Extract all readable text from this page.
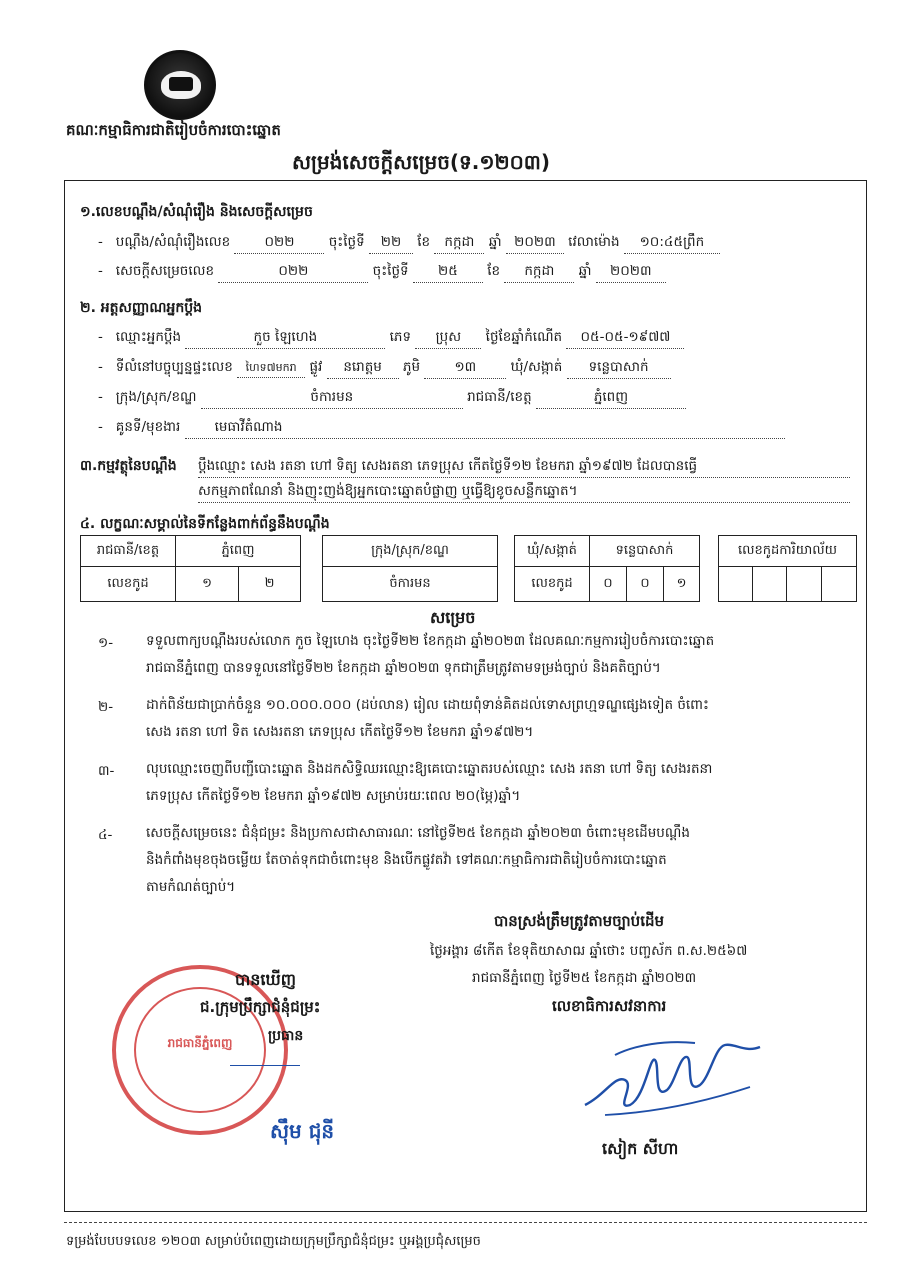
គណៈកម្មាធិការជាតិរៀបចំការបោះឆ្នោត
សម្រង់សេចក្តីសម្រេច(ទ.១២០៣)
១.លេខបណ្តឹង/សំណុំរឿង និងសេចក្តីសម្រេច
-   បណ្តឹង/សំណុំរឿងលេខ	០២២	ចុះថ្ងៃទី ២២ ខែ កក្កដា ឆ្នាំ ២០២៣ វេលាម៉ោង ១០:៤៥ព្រឹក
-   សេចក្តីសម្រេចលេខ	០២២	ចុះថ្ងៃទី ២៥ ខែ កក្កដា ឆ្នាំ ២០២៣
២. អត្តសញ្ញាណអ្នកប្តឹង
-   ឈ្មោះអ្នកប្តឹង	កួច ឡៃហេង	ភេទ ប្រុស ថ្ងៃខែឆ្នាំកំណើត ០៥-០៥-១៩៧៧
-   ទីលំនៅបច្ចុប្បន្នផ្ទះលេខ ហៃទ៧មករា ផ្លូវ នរោត្តម ភូមិ	១៣	ឃុំ/សង្កាត់ ទន្លេបាសាក់
-   ក្រុង/ស្រុក/ខណ្ឌ	ចំការមន	រាជធានី/ខេត្ត	ភ្នំពេញ
-   គូនទី/មុខងារ	មេធាវីតំណាង
៣.កម្មវត្ថុនៃបណ្តឹង ប្តឹងឈ្មោះ សេង រតនា ហៅ ទិត្យ សេងរតនា ភេទប្រុស កើតថ្ងៃទី១២ ខែមករា ឆ្នាំ១៩៧២ ដែលបានធ្វើ
សកម្មភាពណែនាំ និងញុះញង់ឱ្យអ្នកបោះឆ្នោតបំផ្លាញ ឬធ្វើឱ្យខូចសន្លឹកឆ្នោត។
៤. លក្ខណៈសម្គាល់នៃទីកន្លែងពាក់ព័ន្ធនឹងបណ្តឹង
រាជធានី/ខេត្ត	ភ្នំពេញ
លេខកូដ	១	២
ក្រុង/ស្រុក/ខណ្ឌ
ចំការមន
ឃុំ/សង្កាត់	ទន្លេបាសាក់
លេខកូដ	០	០	១
លេខកូដការិយាល័យ
សម្រេច
១- ទទួលពាក្យបណ្តឹងរបស់លោក កួច ឡៃហេង ចុះថ្ងៃទី២២ ខែកក្កដា ឆ្នាំ២០២៣ ដែលគណៈកម្មការរៀបចំការបោះឆ្នោត
រាជធានីភ្នំពេញ បានទទួលនៅថ្ងៃទី២២ ខែកក្កដា ឆ្នាំ២០២៣ ទុកជាត្រឹមត្រូវតាមទម្រង់ច្បាប់ និងគតិច្បាប់។
២- ដាក់ពិន័យជាប្រាក់ចំនួន ១០.០០០.០០០ (ដប់លាន) រៀល ដោយពុំទាន់គិតដល់ទោសព្រហ្មទណ្ឌផ្សេងទៀត ចំពោះ
សេង រតនា ហៅ ទិត សេងរតនា ភេទប្រុស កើតថ្ងៃទី១២ ខែមករា ឆ្នាំ១៩៧២។
៣- លុបឈ្មោះចេញពីបញ្ជីបោះឆ្នោត និងដកសិទ្ធិឈរឈ្មោះឱ្យគេបោះឆ្នោតរបស់ឈ្មោះ សេង រតនា ហៅ ទិត្យ សេងរតនា
ភេទប្រុស កើតថ្ងៃទី១២ ខែមករា ឆ្នាំ១៩៧២ សម្រាប់រយៈពេល ២០(ម្ភៃ)ឆ្នាំ។
៤- សេចក្តីសម្រេចនេះ ជំនុំជម្រះ និងប្រកាសជាសាធារណៈ នៅថ្ងៃទី២៥ ខែកក្កដា ឆ្នាំ២០២៣ ចំពោះមុខដើមបណ្តឹង
និងកំពាំងមុខចុងចម្លើយ តែចាត់ទុកជាចំពោះមុខ និងបើកផ្លូវតវ៉ា ទៅគណៈកម្មាធិការជាតិរៀបចំការបោះឆ្នោត
តាមកំណត់ច្បាប់។
បានស្រង់ត្រឹមត្រូវតាមច្បាប់ដើម
ថ្ងៃអង្គារ ៨កើត ខែទុតិយាសាឍ ឆ្នាំថោះ បញ្ចស័ក ព.ស.២៥៦៧
រាជធានីភ្នំពេញ ថ្ងៃទី២៥ ខែកក្កដា ឆ្នាំ២០២៣
លេខាធិការសវនាការ
សៀក សីហា
រាជធានីភ្នំពេញ
បានឃើញ
ជ.ក្រុមប្រឹក្សាជំនុំជម្រះ
ប្រធាន
ស៊ឹម ជុនី
ទម្រង់បែបបទលេខ ១២០៣ សម្រាប់បំពេញដោយក្រុមប្រឹក្សាជំនុំជម្រះ ឬអង្គប្រជុំសម្រេច
